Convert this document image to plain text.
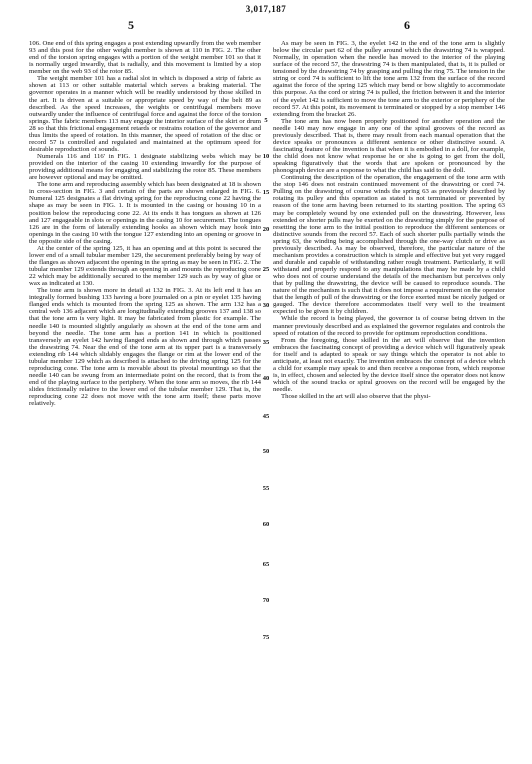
3,017,187
5	6

106. One end of this spring engages a post extending upwardly from the web member 93 and this post for the other weight member is shown at 110 in FIG. 2. The other end of the torsion spring engages with a portion of the weight member 101 so that it is normally urged inwardly, that is radially, and this movement is limited by a stop member on the web 93 of the rotor 85.

The weight member 101 has a radial slot in which is disposed a strip of fabric as shown at 113 or other suitable material which serves a braking material. The governor operates in a manner which will be readily understood by those skilled in the art. It is driven at a suitable or appropriate speed by way of the belt 89 as described. As the speed increases, the weights or centrifugal members move outwardly under the influence of centrifugal force and against the force of the torsion springs. The fabric members 113 may engage the interior surface of the skirt or drum 28 so that this frictional engagement retards or restrains rotation of the governor and thus limits the speed of rotation. In this manner, the speed of rotation of the disc or record 57 is controlled and regulated and maintained at the optimum speed for desirable reproduction of sounds.

Numerals 116 and 116' in FIG. 1 designate stabilizing webs which may be provided on the interior of the casing 10 extending inwardly for the purpose of providing additional means for engaging and stabilizing the rotor 85. These members are however optional and may be omitted.

The tone arm and reproducing assembly which has been designated at 18 is shown in cross-section in FIG. 3 and certain of the parts are shown enlarged in FIG. 6. Numeral 125 designates a flat driving spring for the reproducing cone 22 having the shape as may be seen in FIG. 1. It is mounted in the casing or housing 10 in a position below the reproducing cone 22. At its ends it has tongues as shown at 126 and 127 engageable in slots or openings in the casing 10 for securement. The tongues 126 are in the form of laterally extending hooks as shown which may hook into openings in the casing 10 with the tongue 127 extending into an opening or groove in the opposite side of the casing.

At the center of the spring 125, it has an opening and at this point is secured the lower end of a small tubular member 129, the securement preferably being by way of the flanges as shown adjacent the opening in the spring as may be seen in FIG. 2. The tubular member 129 extends through an opening in and mounts the reproducing cone 22 which may be additionally secured to the member 129 such as by way of glue or wax as indicated at 130.

The tone arm is shown more in detail at 132 in FIG. 3. At its left end it has an integrally formed bushing 133 having a bore journaled on a pin or eyelet 135 having flanged ends which is mounted from the spring 125 as shown. The arm 132 has a central web 136 adjacent which are longitudinally extending grooves 137 and 138 so that the tone arm is very light. It may be fabricated from plastic for example. The needle 140 is mounted slightly angularly as shown at the end of the tone arm and beyond the needle. The tone arm has a portion 141 in which is positioned transversely an eyelet 142 having flanged ends as shown and through which passes the drawstring 74. Near the end of the tone arm at its upper part is a transversely extending rib 144 which slidably engages the flange or rim at the lower end of the tubular member 129 which as described is attached to the driving spring 125 for the reproducing cone. The tone arm is movable about its pivotal mountings so that the needle 140 can be swung from an intermediate point on the record, that is from the end of the playing surface to the periphery. When the tone arm so moves, the rib 144 slides frictionally relative to the lower end of the tubular member 129. That is, the reproducing cone 22 does not move with the tone arm itself; these parts move relatively.

5
10
15
20
25
30
35
40
45
50
55
60
65
70
75

As may be seen in FIG. 3, the eyelet 142 in the end of the tone arm is slightly below the circular part 62 of the pulley around which the drawstring 74 is wrapped. Normally, in operation when the needle has moved to the interior of the playing surface of the record 57, the drawstring 74 is then manipulated, that is, it is pulled or tensioned by the drawstring 74 by grasping and pulling the ring 75. The tension in the string or cord 74 is sufficient to lift the tone arm 132 from the surface of the record against the force of the spring 125 which may bend or bow slightly to accommodate this purpose. As the cord or string 74 is pulled, the friction between it and the interior of the eyelet 142 is sufficient to move the tone arm to the exterior or periphery of the record 57. At this point, its movement is terminated or stopped by a stop member 146 extending from the bracket 26.

The tone arm has now been properly positioned for another operation and the needle 140 may now engage in any one of the spiral grooves of the record as previously described. That is, there may result from each manual operation that the device speaks or pronounces a different sentence or other distinctive sound. A fascinating feature of the invention is that when it is embodied in a doll, for example, the child does not know what response he or she is going to get from the doll, speaking figuratively that the words that are spoken or pronounced by the phonograph device are a response to what the child has said to the doll.

Continuing the description of the operation, the engagement of the tone arm with the stop 146 does not restrain continued movement of the drawstring or cord 74. Pulling on the drawstring of course winds the spring 63 as previously described by rotating its pulley and this operation as stated is not terminated or prevented by reason of the tone arm having been returned to its starting position. The spring 63 may be completely wound by one extended pull on the drawstring. However, less extended or shorter pulls may be exerted on the drawstring simply for the purpose of resetting the tone arm to the initial position to reproduce the different sentences or distinctive sounds from the record 57. Each of such shorter pulls partially winds the spring 63, the winding being accomplished through the one-way clutch or drive as previously described. As may be observed, therefore, the particular nature of the mechanism provides a construction which is simple and effective but yet very rugged and durable and capable of withstanding rather rough treatment. Particularly, it will withstand and properly respond to any manipulations that may be made by a child who does not of course understand the details of the mechanism but perceives only that by pulling the drawstring, the device will be caused to reproduce sounds. The nature of the mechanism is such that it does not impose a requirement on the operator that the length of pull of the drawstring or the force exerted must be nicely judged or gauged. The device therefore accommodates itself very well to the treatment expected to be given it by children.

While the record is being played, the governor is of course being driven in the manner previously described and as explained the governor regulates and controls the speed of rotation of the record to provide for optimum reproduction conditions.

From the foregoing, those skilled in the art will observe that the invention embraces the fascinating concept of providing a device which will figuratively speak for itself and is adapted to speak or say things which the operator is not able to anticipate, at least not exactly. The invention embraces the concept of a device which a child for example may speak to and then receive a response from, which response is, in effect, chosen and selected by the device itself since the operator does not know which of the sound tracks or spiral grooves on the record will be engaged by the needle.

Those skilled in the art will also observe that the physi-
